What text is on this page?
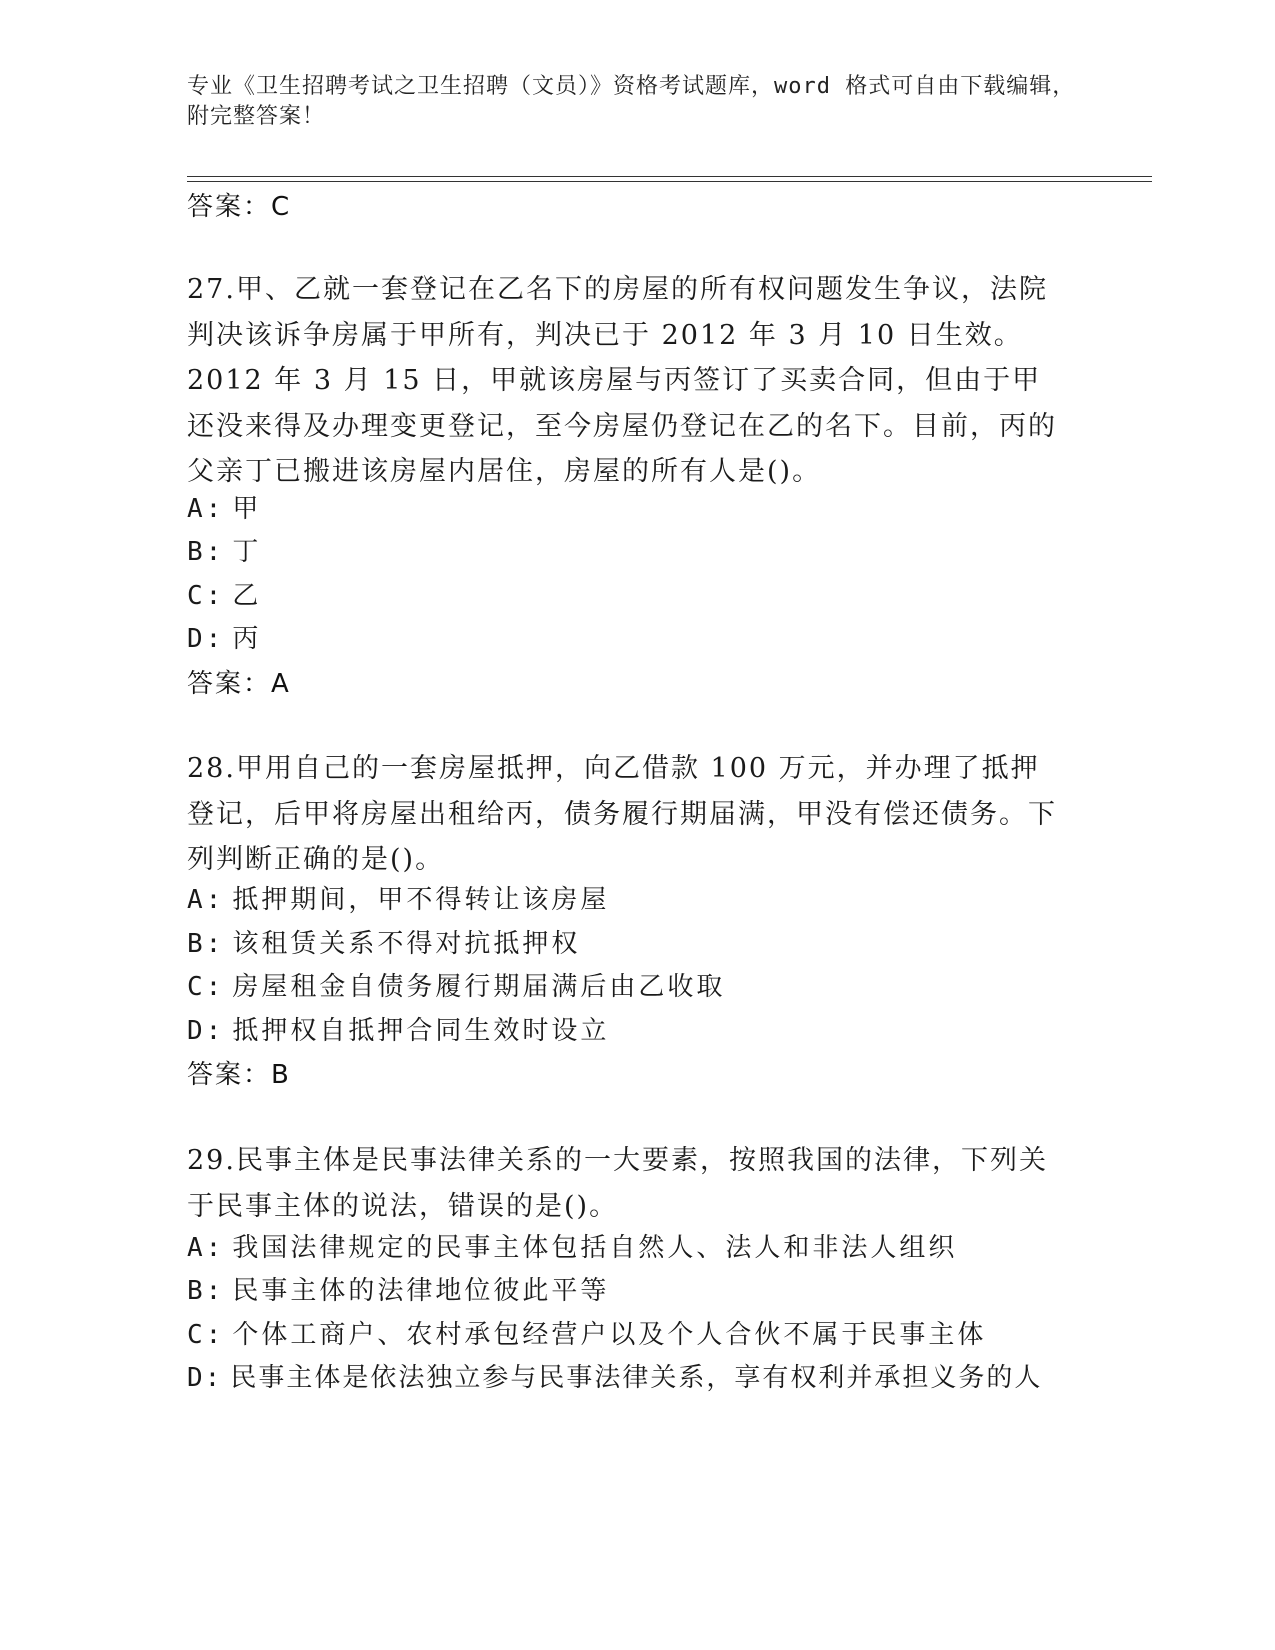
专业《卫生招聘考试之卫生招聘（文员）》资格考试题库，word 格式可自由下载编辑，附完整答案！
答案：C
27.甲、乙就一套登记在乙名下的房屋的所有权问题发生争议，法院判决该诉争房属于甲所有，判决已于 2012 年 3 月 10 日生效。2012 年 3 月 15 日，甲就该房屋与丙签订了买卖合同，但由于甲还没来得及办理变更登记，至今房屋仍登记在乙的名下。目前，丙的父亲丁已搬进该房屋内居住，房屋的所有人是()。
A: 甲
B: 丁
C: 乙
D: 丙
答案：A
28.甲用自己的一套房屋抵押，向乙借款 100 万元，并办理了抵押登记，后甲将房屋出租给丙，债务履行期届满，甲没有偿还债务。下列判断正确的是()。
A: 抵押期间，甲不得转让该房屋
B: 该租赁关系不得对抗抵押权
C: 房屋租金自债务履行期届满后由乙收取
D: 抵押权自抵押合同生效时设立
答案：B
29.民事主体是民事法律关系的一大要素，按照我国的法律，下列关于民事主体的说法，错误的是()。
A: 我国法律规定的民事主体包括自然人、法人和非法人组织
B: 民事主体的法律地位彼此平等
C: 个体工商户、农村承包经营户以及个人合伙不属于民事主体
D: 民事主体是依法独立参与民事法律关系，享有权利并承担义务的人
